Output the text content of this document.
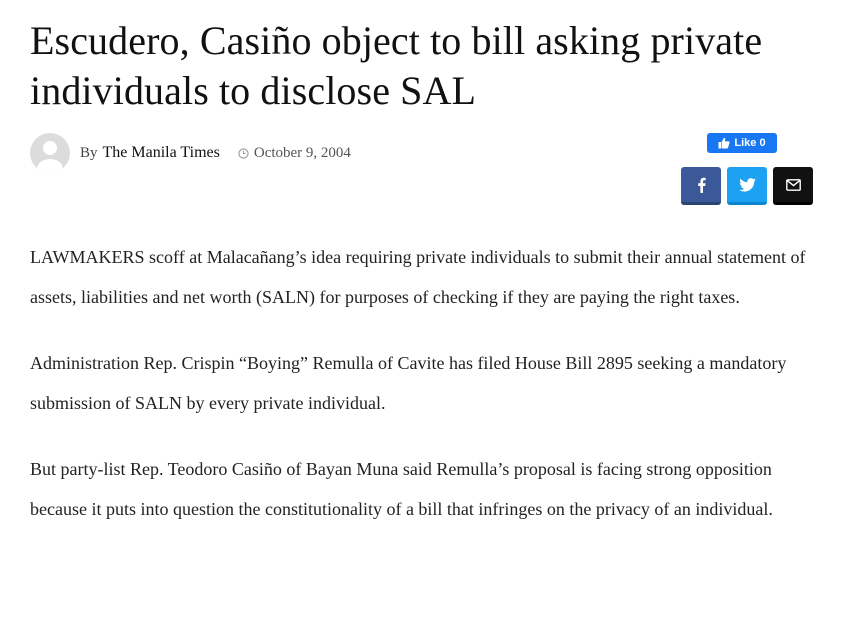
Escudero, Casiño object to bill asking private individuals to disclose SAL
By The Manila Times October 9, 2004
Like 0

LAWMAKERS scoff at Malacañang’s idea requiring private individuals to submit their annual statement of assets, liabilities and net worth (SALN) for purposes of checking if they are paying the right taxes.

Administration Rep. Crispin “Boying” Remulla of Cavite has filed House Bill 2895 seeking a mandatory submission of SALN by every private individual.

But party-list Rep. Teodoro Casiño of Bayan Muna said Remulla’s proposal is facing strong opposition because it puts into question the constitutionality of a bill that infringes on the privacy of an individual.
